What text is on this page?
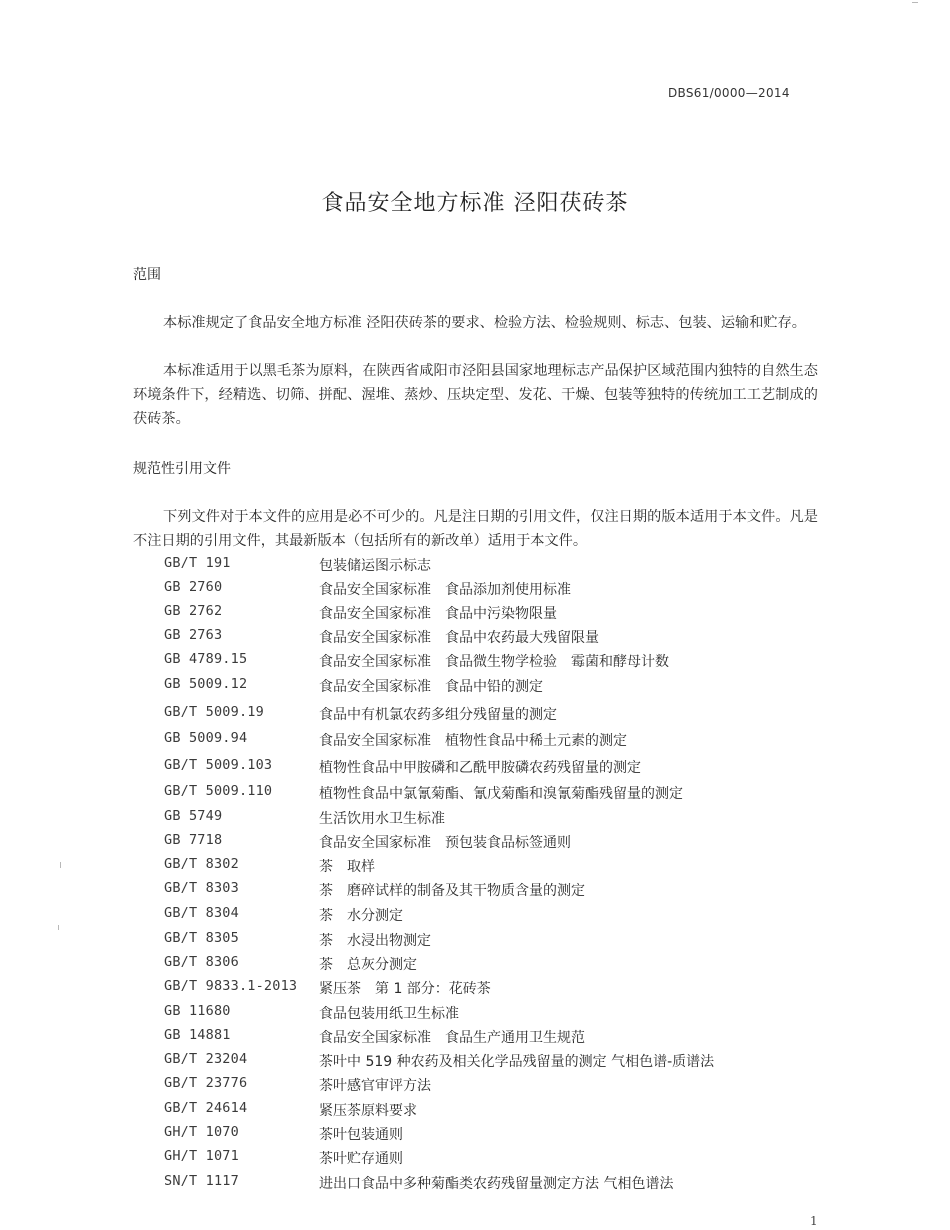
DBS61/0000—2014
食品安全地方标准 泾阳茯砖茶
范围

本标准规定了食品安全地方标准 泾阳茯砖茶的要求、检验方法、检验规则、标志、包装、运输和贮存。

本标准适用于以黑毛茶为原料，在陕西省咸阳市泾阳县国家地理标志产品保护区域范围内独特的自然生态环境条件下，经精选、切筛、拼配、渥堆、蒸炒、压块定型、发花、干燥、包装等独特的传统加工工艺制成的茯砖茶。

规范性引用文件

下列文件对于本文件的应用是必不可少的。凡是注日期的引用文件，仅注日期的版本适用于本文件。凡是不注日期的引用文件，其最新版本（包括所有的新改单）适用于本文件。

GB/T 191	包装储运图示标志
GB 2760	食品安全国家标准　食品添加剂使用标准
GB 2762	食品安全国家标准　食品中污染物限量
GB 2763	食品安全国家标准　食品中农药最大残留限量
GB 4789.15	食品安全国家标准　食品微生物学检验　霉菌和酵母计数
GB 5009.12	食品安全国家标准　食品中铅的测定
GB/T 5009.19	食品中有机氯农药多组分残留量的测定
GB 5009.94	食品安全国家标准　植物性食品中稀土元素的测定
GB/T 5009.103	植物性食品中甲胺磷和乙酰甲胺磷农药残留量的测定
GB/T 5009.110	植物性食品中氯氰菊酯、氰戊菊酯和溴氰菊酯残留量的测定
GB 5749	生活饮用水卫生标准
GB 7718	食品安全国家标准　预包装食品标签通则
GB/T 8302	茶　取样
GB/T 8303	茶　磨碎试样的制备及其干物质含量的测定
GB/T 8304	茶　水分测定
GB/T 8305	茶　水浸出物测定
GB/T 8306	茶　总灰分测定
GB/T 9833.1-2013 紧压茶　第 1 部分：花砖茶
GB 11680	食品包装用纸卫生标准
GB 14881	食品安全国家标准　食品生产通用卫生规范
GB/T 23204	茶叶中 519 种农药及相关化学品残留量的测定 气相色谱-质谱法
GB/T 23776	茶叶感官审评方法
GB/T 24614	紧压茶原料要求
GH/T 1070	茶叶包装通则
GH/T 1071	茶叶贮存通则
SN/T 1117	进出口食品中多种菊酯类农药残留量测定方法 气相色谱法
1
